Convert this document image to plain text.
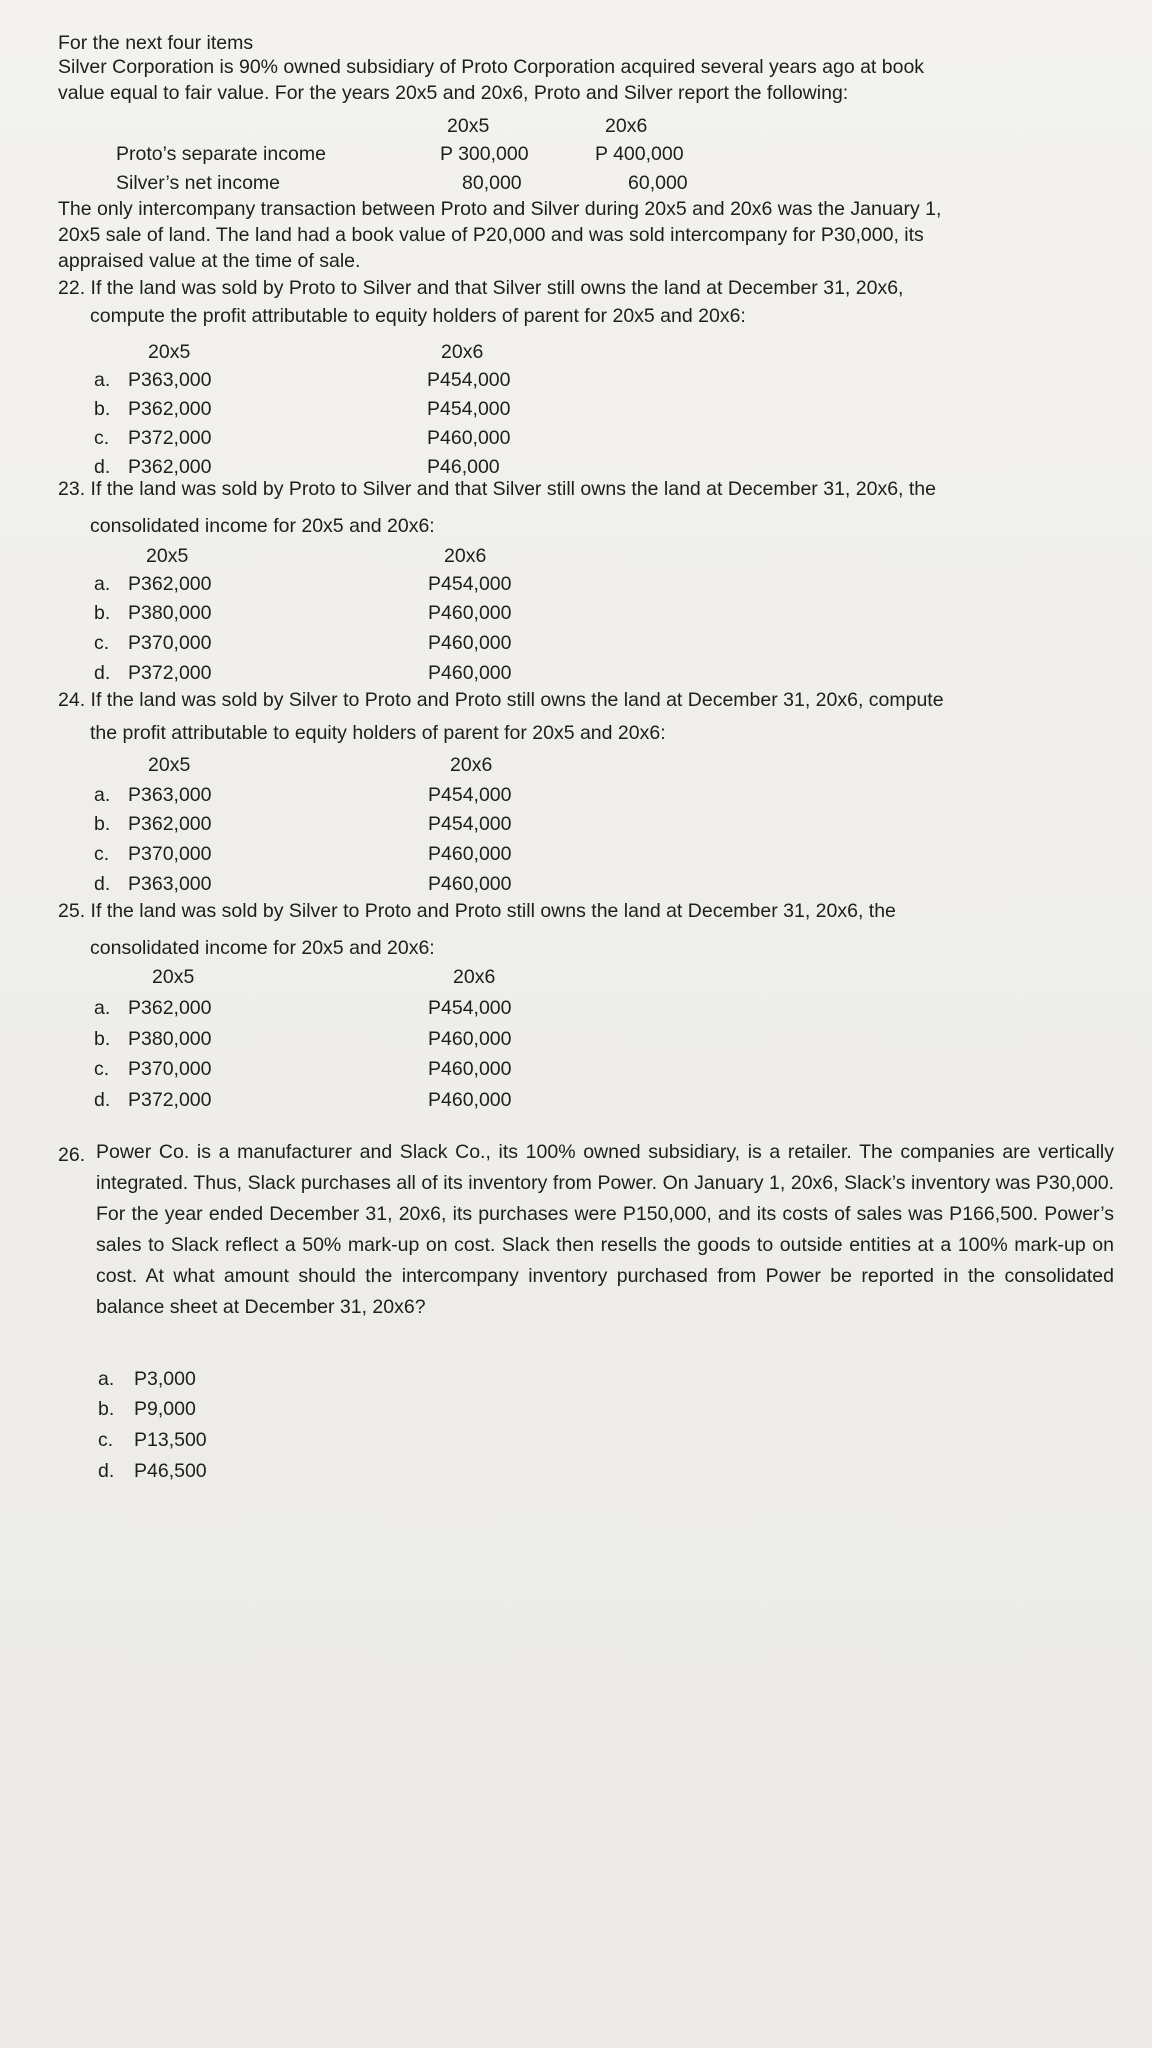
For the next four items
Silver Corporation is 90% owned subsidiary of Proto Corporation acquired several years ago at book
value equal to fair value. For the years 20x5 and 20x6, Proto and Silver report the following:
20x5	20x6
Proto’s separate income	P 300,000	P 400,000
Silver’s net income	80,000	60,000
The only intercompany transaction between Proto and Silver during 20x5 and 20x6 was the January 1,
20x5 sale of land. The land had a book value of P20,000 and was sold intercompany for P30,000, its
appraised value at the time of sale.
22. If the land was sold by Proto to Silver and that Silver still owns the land at December 31, 20x6,
compute the profit attributable to equity holders of parent for 20x5 and 20x6:
20x5	20x6
a. P363,000	P454,000
b. P362,000	P454,000
c. P372,000	P460,000
d. P362,000	P46,000
23. If the land was sold by Proto to Silver and that Silver still owns the land at December 31, 20x6, the
consolidated income for 20x5 and 20x6:
20x5	20x6
a. P362,000	P454,000
b. P380,000	P460,000
c. P370,000	P460,000
d. P372,000	P460,000
24. If the land was sold by Silver to Proto and Proto still owns the land at December 31, 20x6, compute
the profit attributable to equity holders of parent for 20x5 and 20x6:
20x5	20x6
a. P363,000	P454,000
b. P362,000	P454,000
c. P370,000	P460,000
d. P363,000	P460,000
25. If the land was sold by Silver to Proto and Proto still owns the land at December 31, 20x6, the
consolidated income for 20x5 and 20x6:
20x5	20x6
a. P362,000	P454,000
b. P380,000	P460,000
c. P370,000	P460,000
d. P372,000	P460,000
26. Power Co. is a manufacturer and Slack Co., its 100% owned subsidiary, is a retailer. The companies are vertically integrated. Thus, Slack purchases all of its inventory from Power. On January 1, 20x6, Slack’s inventory was P30,000. For the year ended December 31, 20x6, its purchases were P150,000, and its costs of sales was P166,500. Power’s sales to Slack reflect a 50% mark-up on cost. Slack then resells the goods to outside entities at a 100% mark-up on cost. At what amount should the intercompany inventory purchased from Power be reported in the consolidated balance sheet at December 31, 20x6?
a. P3,000
b. P9,000
c. P13,500
d. P46,500
